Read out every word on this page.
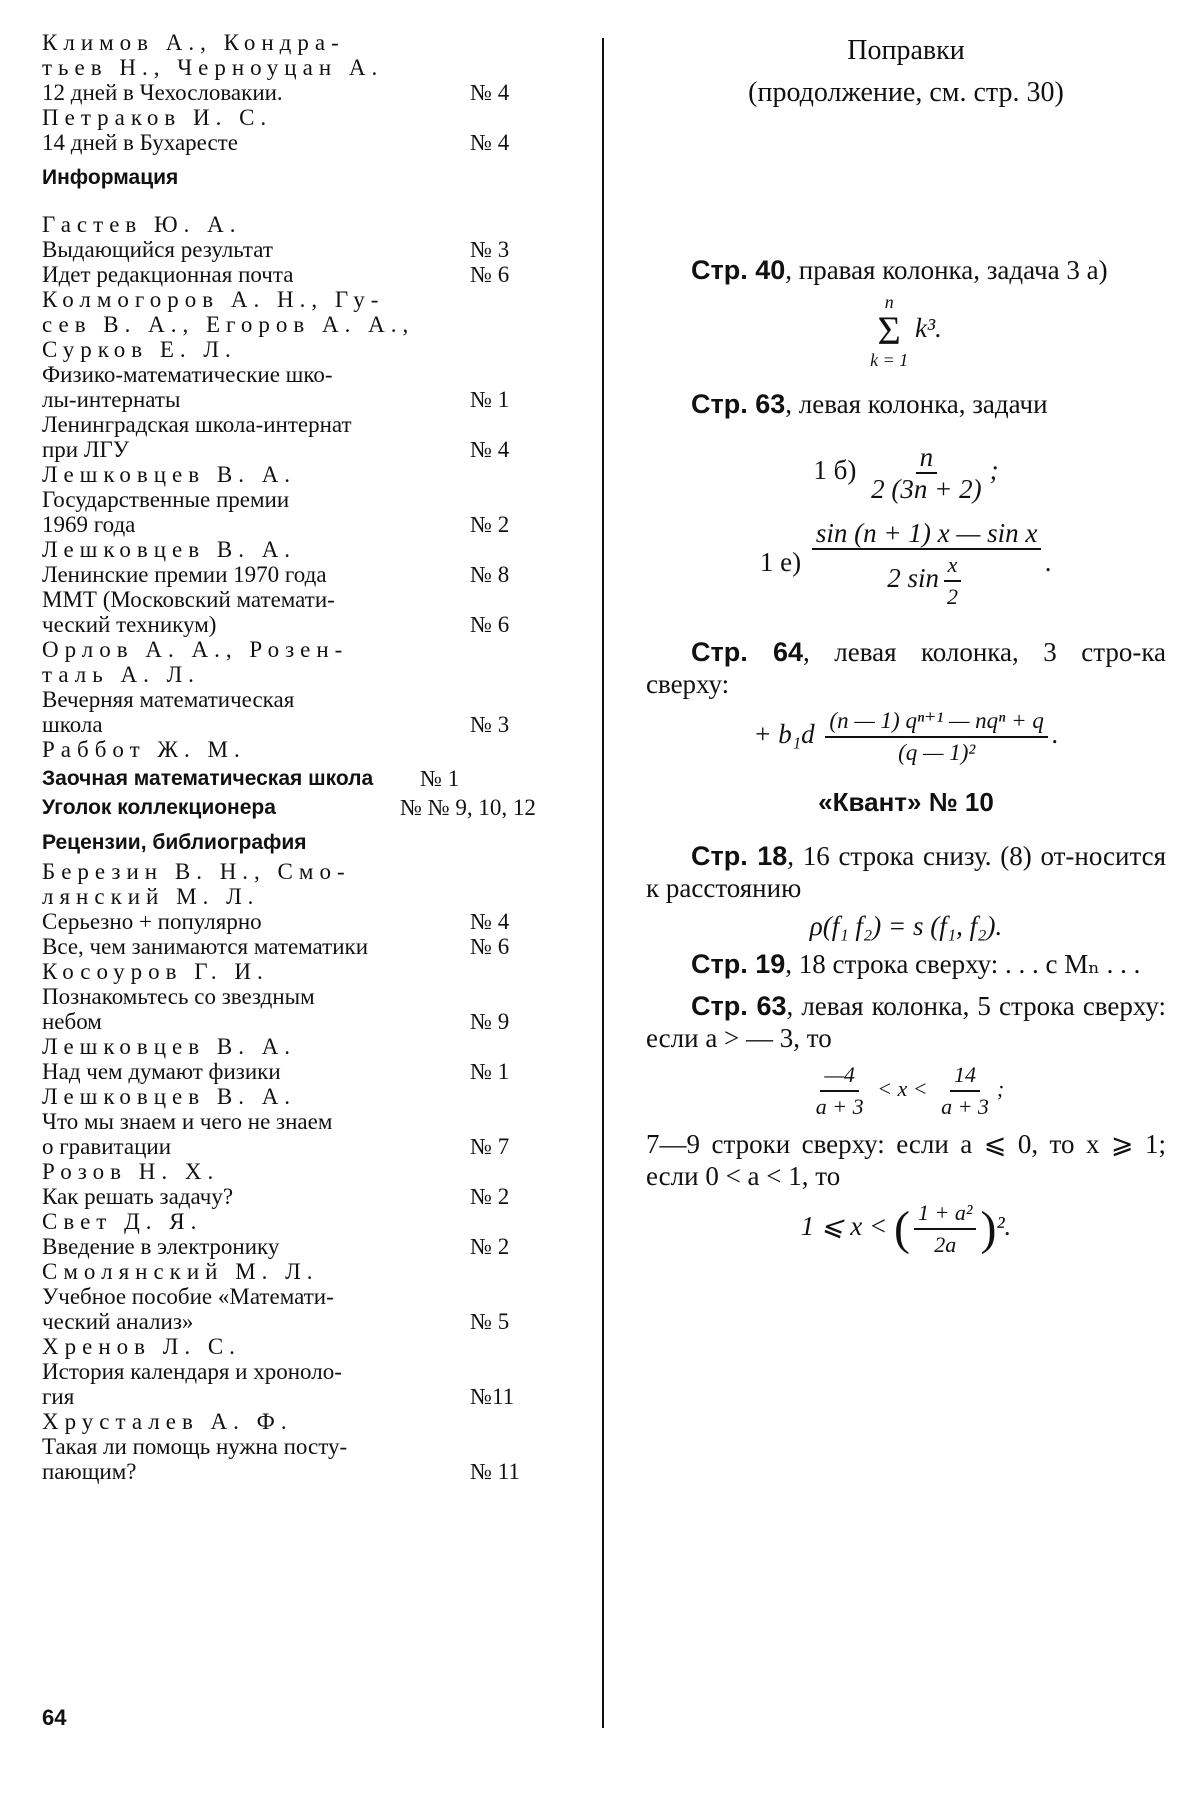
Климов А., Кондра-
тьев Н., Черноуцан А.
12 дней в Чехословакии.	№ 4
Петраков И. С.
14 дней в Бухаресте	№ 4
Информация
Гастев Ю. А.
Выдающийся результат	№ 3
Идет редакционная почта	№ 6
Колмогоров А. Н., Гу-
сев В. А., Егоров А. А.,
Сурков Е. Л.
Физико-математические шко-
лы-интернаты	№ 1
Ленинградская школа-интернат
при ЛГУ	№ 4
Лешковцев В. А.
Государственные премии
1969 года	№ 2
Лешковцев В. А.
Ленинские премии 1970 года	№ 8
ММТ (Московский математи-
ческий техникум)	№ 6
Орлов А. А., Розен-
таль А. Л.
Вечерняя математическая
школа	№ 3
Раббот Ж. М.
Заочная математическая школа	№ 1
Уголок коллекционера	№ № 9, 10, 12
Рецензии, библиография
Березин В. Н., Смо-
лянский М. Л.
Серьезно + популярно	№ 4
Все, чем занимаются математики	№ 6
Косоуров Г. И.
Познакомьтесь со звездным
небом	№ 9
Лешковцев В. А.
Над чем думают физики	№ 1
Лешковцев В. А.
Что мы знаем и чего не знаем
о гравитации	№ 7
Розов Н. Х.
Как решать задачу?	№ 2
Свет Д. Я.
Введение в электронику	№ 2
Смолянский М. Л.
Учебное пособие «Математи-
ческий анализ»	№ 5
Хренов Л. С.
История календаря и хроноло-
гия	№11
Хрусталев А. Ф.
Такая ли помощь нужна посту-
пающим?	№ 11
Поправки
(продолжение, см. стр. 30)
Стр. 40, правая колонка, задача 3 а)
n
Σ
k = 1
k³.
Стр. 63, левая колонка, задачи
1 $б) \frac{n}{2 (3n + 2)}$ ;
1 $е) \frac{\text{sin (n + 1) x — sin x}}{2 \sin \frac{x}{2}}$ .
Стр. 64, левая колонка, 3 стро-ка сверху:
+ $b_1d \frac{\text{(n — 1) qⁿ⁺¹ — nqⁿ + q}}{\text{(q — 1)²}}$ .
«Квант» № 10
Стр. 18, 16 строка снизу. (8) от-носится к расстоянию
ρ(f₁ f₂) = s (f₁, f₂).
Стр. 19, 18 строка сверху: . . . с Mₙ . . .
Стр. 63, левая колонка, 5 строка сверху: если a > — 3, то
$\frac{—4}{a + 3} < x < \frac{14}{a + 3}$ ;
7—9 строки сверху: если a ⩽ 0, то x ⩾ 1; если 0 < a < 1, то
1 ⩽ x < ( $\frac{\text{1 + a²}}{2a} )^2$.
64
